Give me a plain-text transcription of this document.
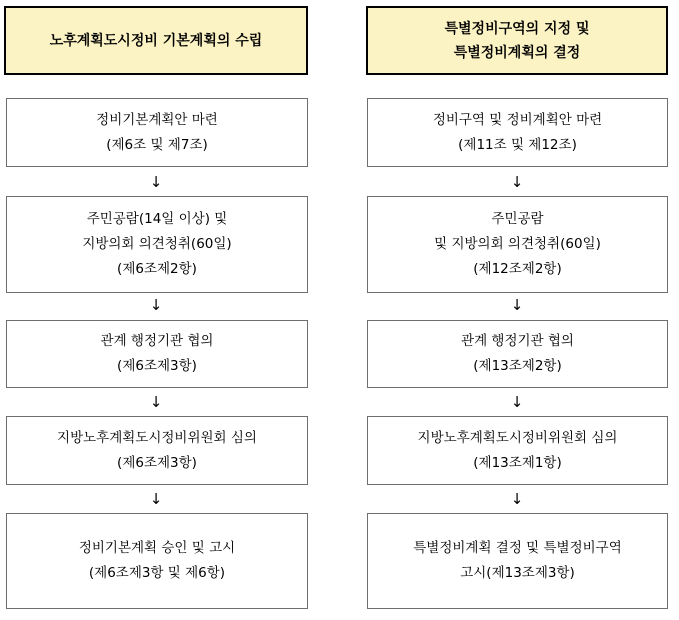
노후계획도시정비 기본계획의 수립
정비기본계획안 마련
(제6조 및 제7조)
↓
주민공람(14일 이상) 및
지방의회 의견청취(60일)
(제6조제2항)
↓
관계 행정기관 협의
(제6조제3항)
↓
지방노후계획도시정비위원회 심의
(제6조제3항)
↓
정비기본계획 승인 및 고시
(제6조제3항 및 제6항)
특별정비구역의 지정 및
특별정비계획의 결정
정비구역 및 정비계획안 마련
(제11조 및 제12조)
↓
주민공람
및 지방의회 의견청취(60일)
(제12조제2항)
↓
관계 행정기관 협의
(제13조제2항)
↓
지방노후계획도시정비위원회 심의
(제13조제1항)
↓
특별정비계획 결정 및 특별정비구역
고시(제13조제3항)
